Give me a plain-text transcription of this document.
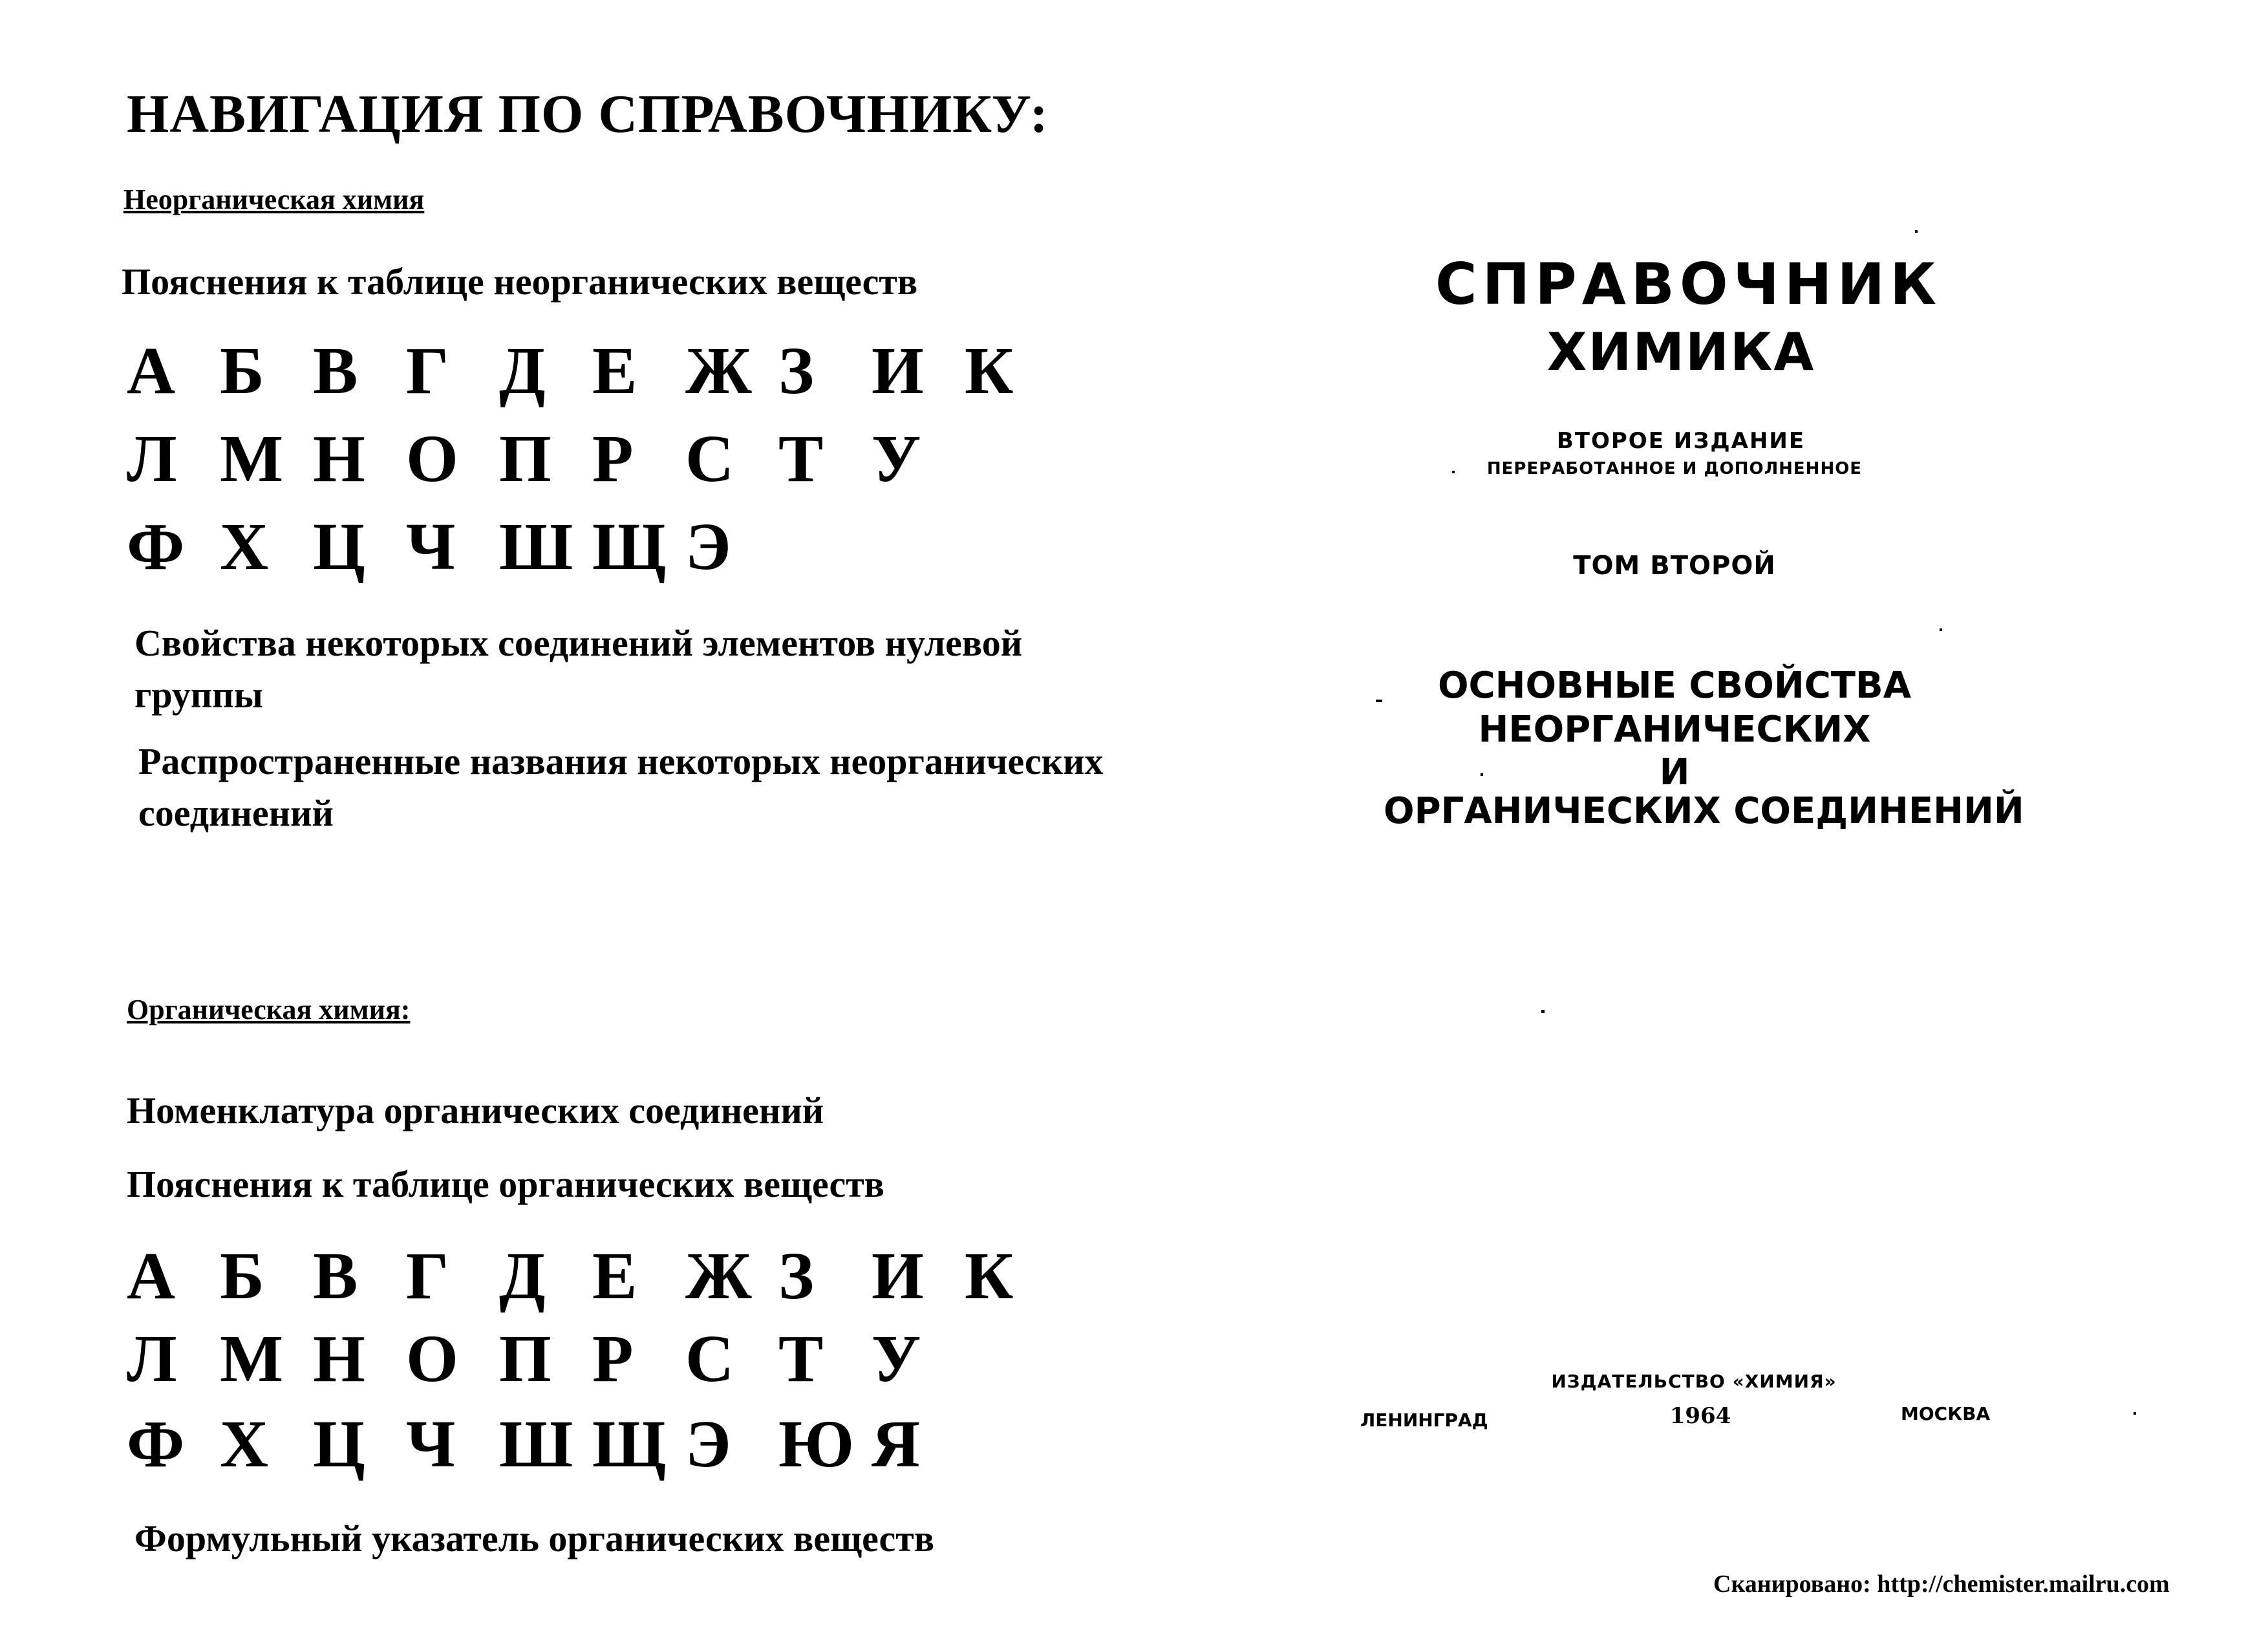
НАВИГАЦИЯ ПО СПРАВОЧНИКУ:
Неорганическая химия
Пояснения к таблице неорганических веществ
А Б В Г Д Е Ж З И К
Л М Н О П Р С Т У
Ф Х Ц Ч Ш Щ Э
Свойства некоторых соединений элементов нулевой группы
Распространенные названия некоторых неорганических соединений
Органическая химия:
Номенклатура органических соединений
Пояснения к таблице органических веществ
А Б В Г Д Е Ж З И К
Л М Н О П Р С Т У
Ф Х Ц Ч Ш Щ Э Ю Я
Формульный указатель органических веществ
СПРАВОЧНИК
ХИМИКА
ВТОРОЕ ИЗДАНИЕ
ПЕРЕРАБОТАННОЕ И ДОПОЛНЕННОЕ
ТОМ ВТОРОЙ
ОСНОВНЫЕ СВОЙСТВА
НЕОРГАНИЧЕСКИХ
И
ОРГАНИЧЕСКИХ СОЕДИНЕНИЙ
ИЗДАТЕЛЬСТВО «ХИМИЯ»
ЛЕНИНГРАД	1964	МОСКВА
Сканировано: http://chemister.mailru.com
